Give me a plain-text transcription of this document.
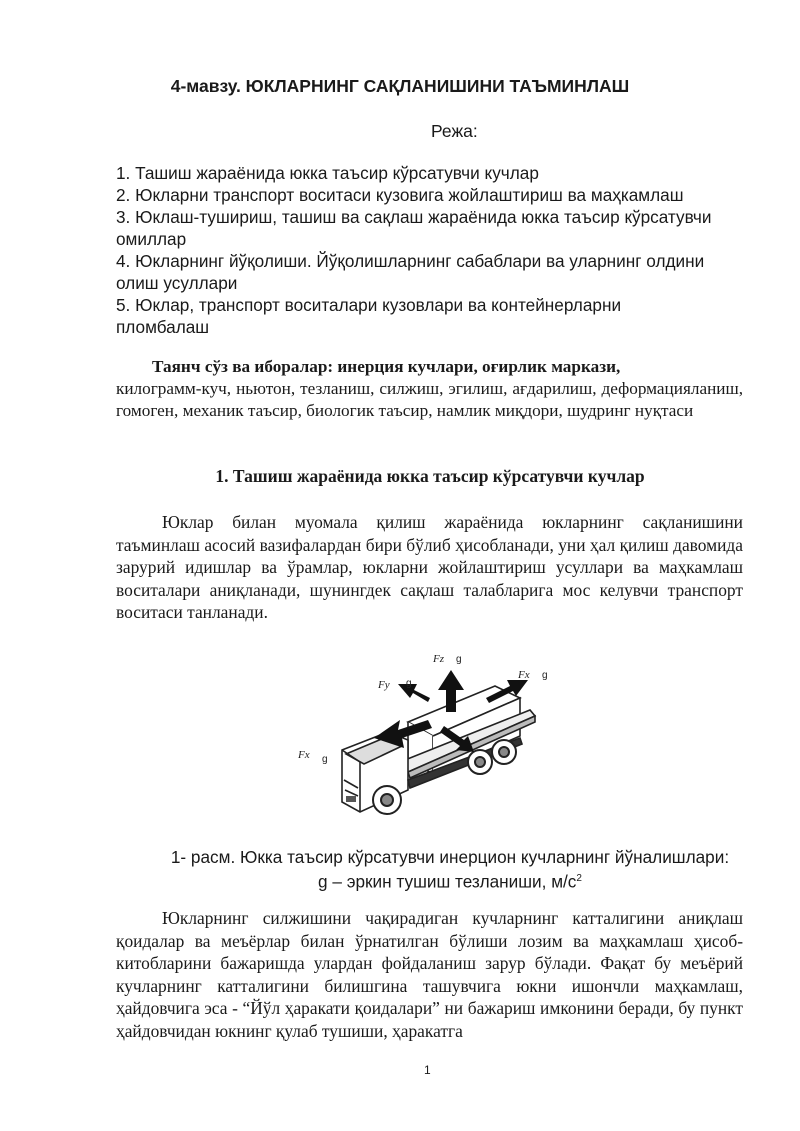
4-мавзу. ЮКЛАРНИНГ САҚЛАНИШИНИ ТАЪМИНЛАШ
Режа:
1. Ташиш жараёнида юкка таъсир кўрсатувчи кучлар
2. Юкларни транспорт воситаси кузовига жойлаштириш ва маҳкамлаш
3. Юклаш-тушириш, ташиш ва сақлаш жараёнида юкка таъсир кўрсатувчи омиллар
4. Юкларнинг йўқолиши. Йўқолишларнинг сабаблари ва уларнинг олдини олиш усуллари
5. Юклар, транспорт воситалари кузовлари ва контейнерларни пломбалаш
Таянч сўз ва иборалар: инерция кучлари, оғирлик маркази,
килограмм-куч, ньютон, тезланиш, силжиш, эгилиш, ағдарилиш, деформацияланиш, гомоген, механик таъсир, биологик таъсир, намлик миқдори, шудринг нуқтаси
1. Ташиш жараёнида юкка таъсир кўрсатувчи кучлар
Юклар билан муомала қилиш жараёнида юкларнинг сақланишини таъминлаш асосий вазифалардан бири бўлиб ҳисобланади, уни ҳал қилиш давомида зарурий идишлар ва ўрамлар, юкларни жойлаштириш усуллари ва маҳкамлаш воситалари аниқланади, шунингдек сақлаш талабларига мос келувчи транспорт воситаси танланади.
Fz g
Fy g
Fx g
Fx g
1- расм. Юкка таъсир кўрсатувчи инерцион кучларнинг йўналишлари:
g – эркин тушиш тезланиши, $м/с^2$
Юкларнинг силжишини чақирадиган кучларнинг катталигини аниқлаш қоидалар ва меъёрлар билан ўрнатилган бўлиши лозим ва маҳкамлаш ҳисоб-китобларини бажаришда улардан фойдаланиш зарур бўлади. Фақат бу меъёрий кучларнинг катталигини билишгина ташувчига юкни ишончли маҳкамлаш, ҳайдовчига эса - “Йўл ҳаракати қоидалари” ни бажариш имконини беради, бу пункт ҳайдовчидан юкнинг қулаб тушиши, ҳаракатга
1
